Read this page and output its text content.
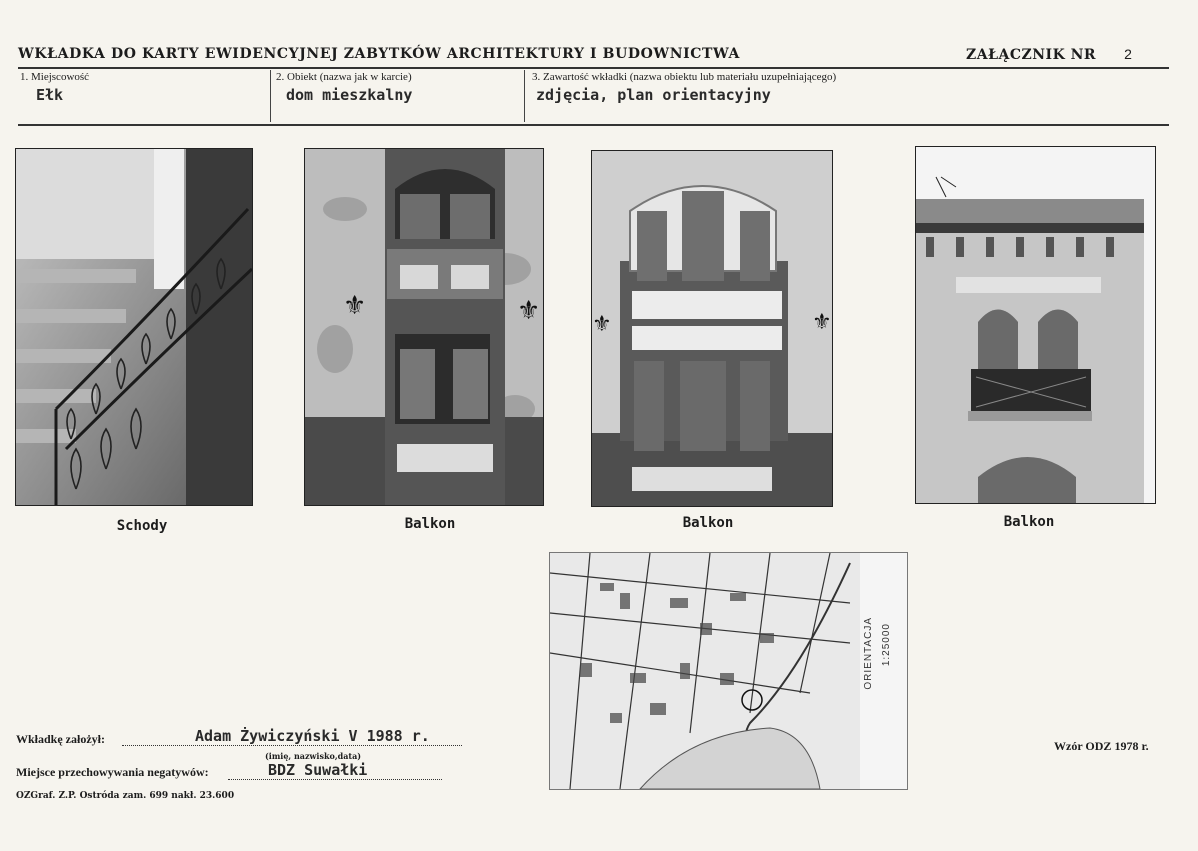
WKŁADKA DO KARTY EWIDENCYJNEJ ZABYTKÓW ARCHITEKTURY I BUDOWNICTWA	ZAŁĄCZNIK NR 2
1. Miejscowość
Ełk
2. Obiekt (nazwa jak w karcie)
dom mieszkalny
3. Zawartość wkładki (nazwa obiektu lub materiału uzupełniającego)
zdjęcia, plan orientacyjny
Schody
⚜	⚜
Balkon
⚜	⚜
Balkon	Balkon
ORIENTACJA 1:25000
Wkładkę założył:	Adam Żywiczyński V 1988 r.
(imię, nazwisko,data)
Miejsce przechowywania negatywów:	BDZ Suwałki
OZGraf. Z.P. Ostróda zam. 699 nakł. 23.600
Wzór ODZ 1978 r.
